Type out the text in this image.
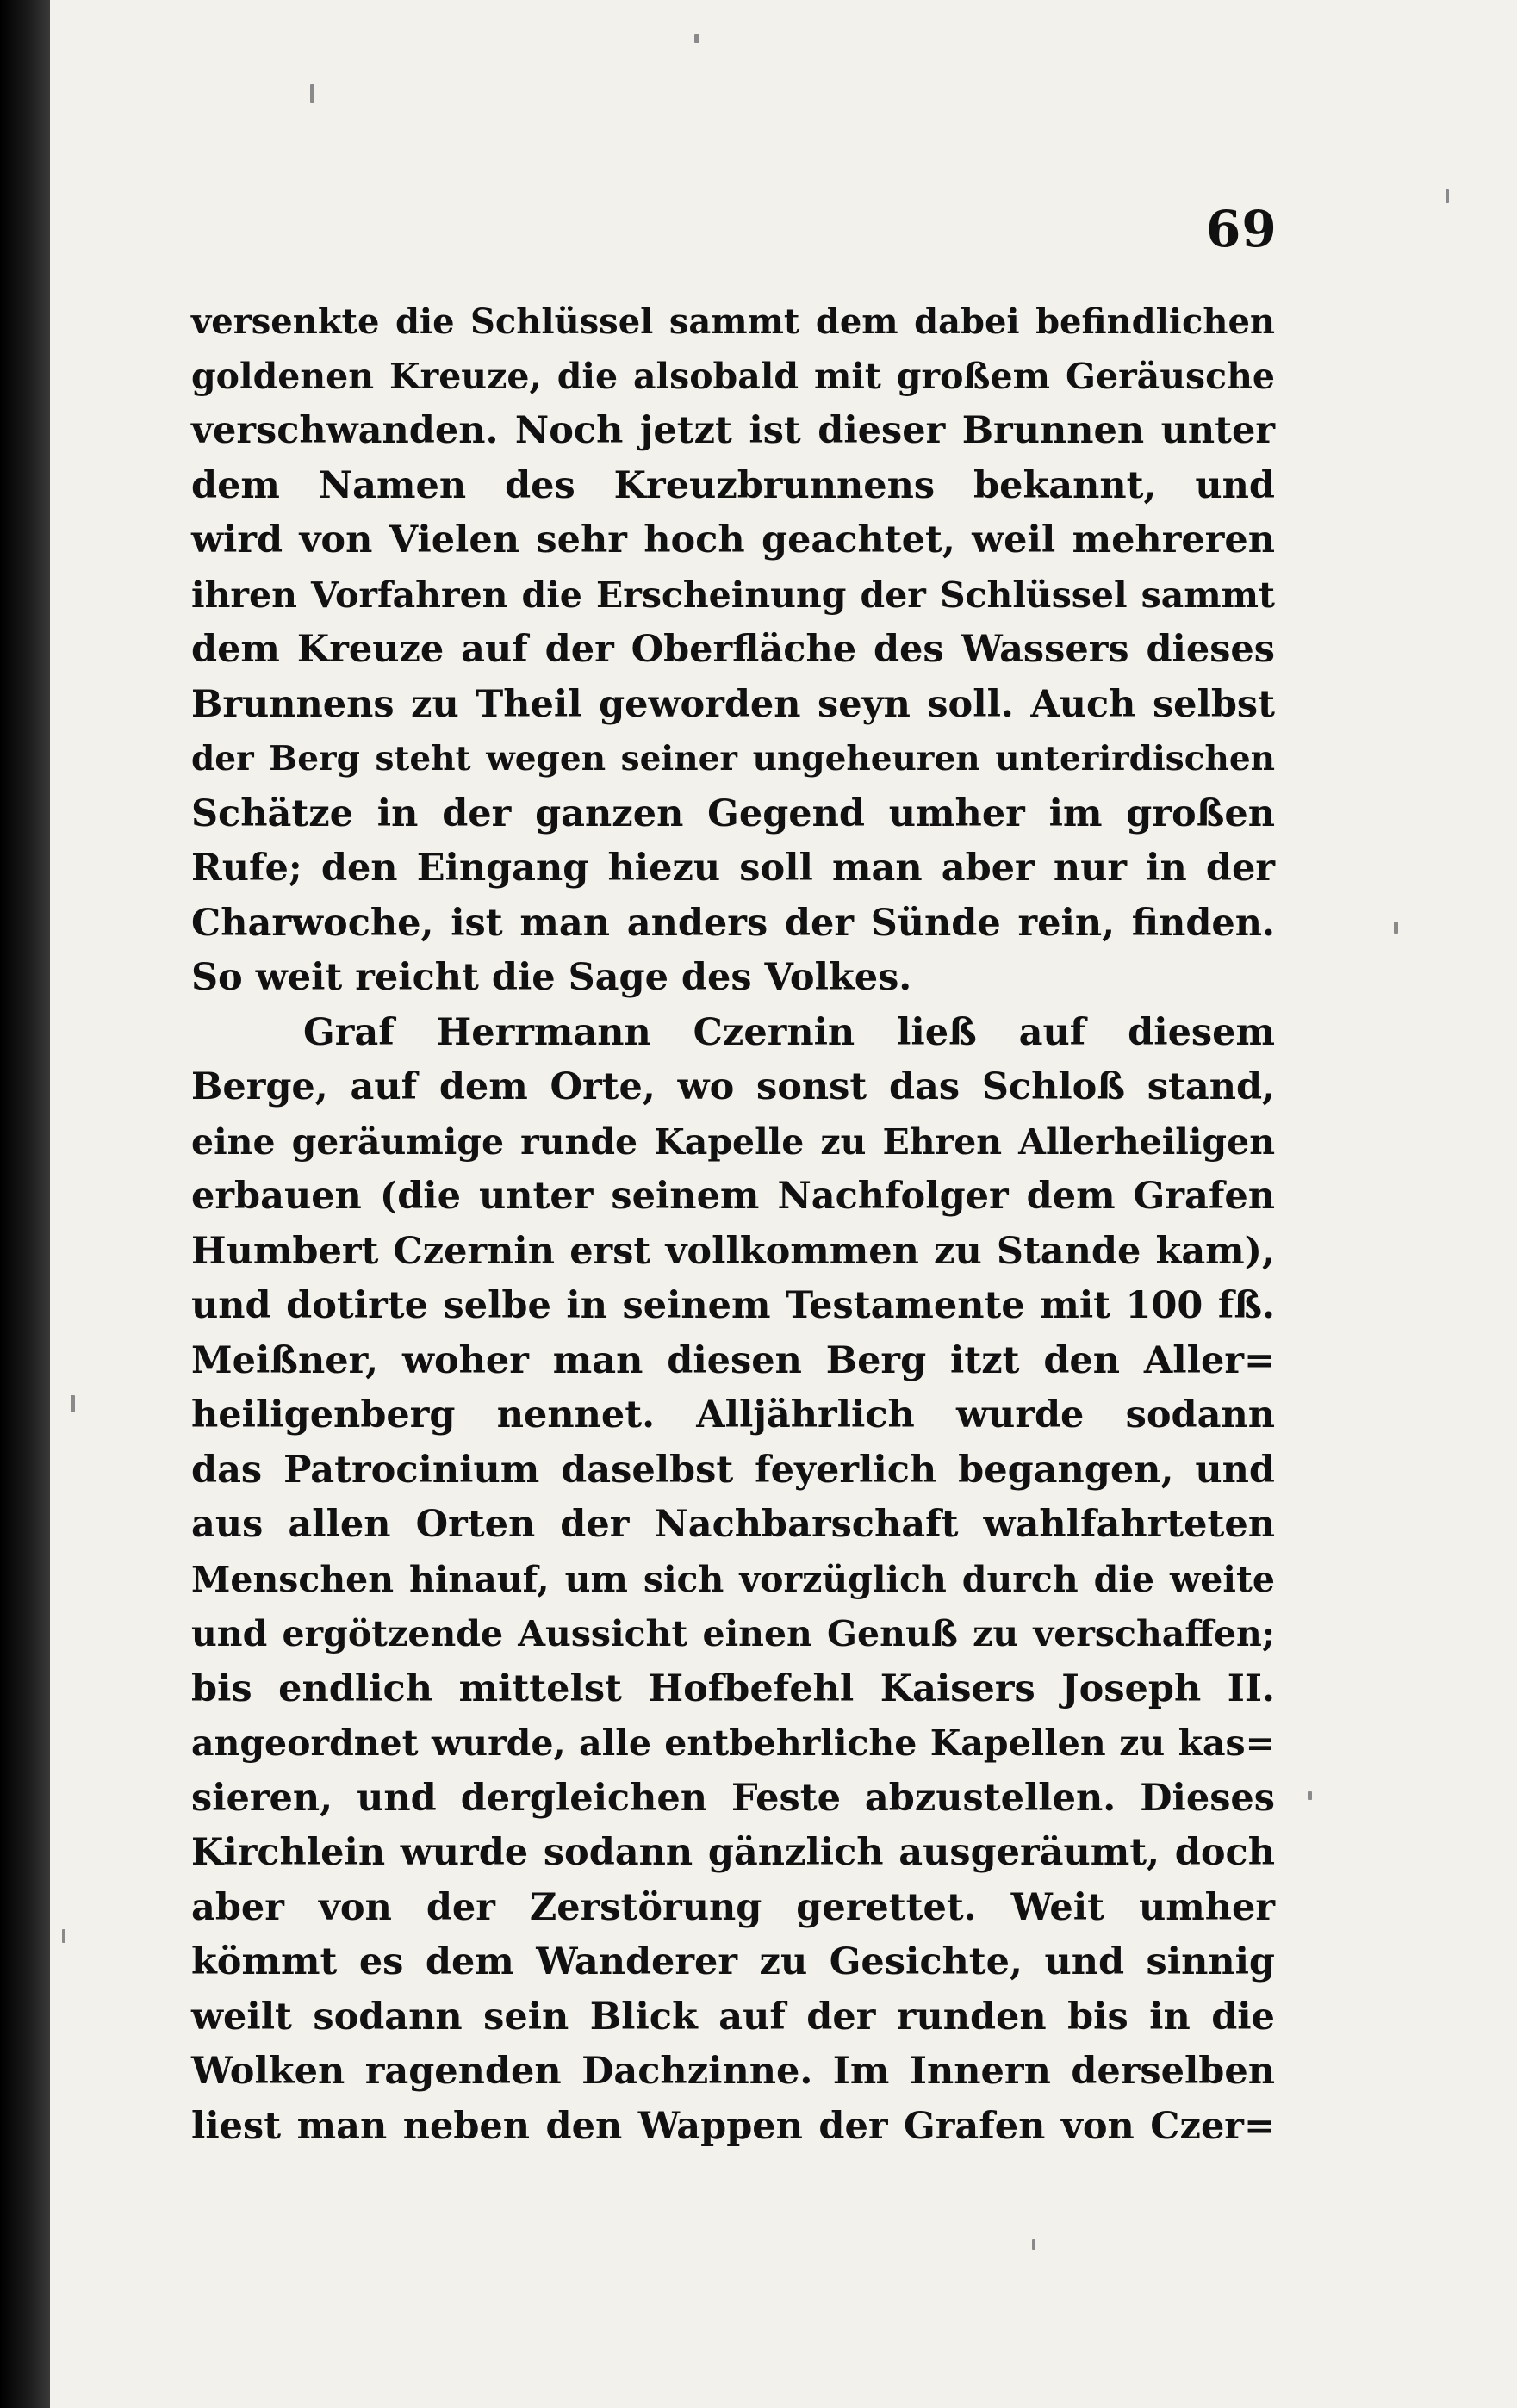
69
versenkte die Schlüssel sammt dem dabei befindlichen
goldenen Kreuze, die alsobald mit großem Geräusche
verschwanden. Noch jetzt ist dieser Brunnen unter
dem Namen des Kreuzbrunnens bekannt, und
wird von Vielen sehr hoch geachtet, weil mehreren
ihren Vorfahren die Erscheinung der Schlüssel sammt
dem Kreuze auf der Oberfläche des Wassers dieses
Brunnens zu Theil geworden seyn soll. Auch selbst
der Berg steht wegen seiner ungeheuren unterirdischen
Schätze in der ganzen Gegend umher im großen
Rufe; den Eingang hiezu soll man aber nur in der
Charwoche, ist man anders der Sünde rein, finden.
So weit reicht die Sage des Volkes.
Graf Herrmann Czernin ließ auf diesem
Berge, auf dem Orte, wo sonst das Schloß stand,
eine geräumige runde Kapelle zu Ehren Allerheiligen
erbauen (die unter seinem Nachfolger dem Grafen
Humbert Czernin erst vollkommen zu Stande kam),
und dotirte selbe in seinem Testamente mit 100 fß.
Meißner, woher man diesen Berg itzt den Aller=
heiligenberg nennet. Alljährlich wurde sodann
das Patrocinium daselbst feyerlich begangen, und
aus allen Orten der Nachbarschaft wahlfahrteten
Menschen hinauf, um sich vorzüglich durch die weite
und ergötzende Aussicht einen Genuß zu verschaffen;
bis endlich mittelst Hofbefehl Kaisers Joseph II.
angeordnet wurde, alle entbehrliche Kapellen zu kas=
sieren, und dergleichen Feste abzustellen. Dieses
Kirchlein wurde sodann gänzlich ausgeräumt, doch
aber von der Zerstörung gerettet. Weit umher
kömmt es dem Wanderer zu Gesichte, und sinnig
weilt sodann sein Blick auf der runden bis in die
Wolken ragenden Dachzinne. Im Innern derselben
liest man neben den Wappen der Grafen von Czer=
